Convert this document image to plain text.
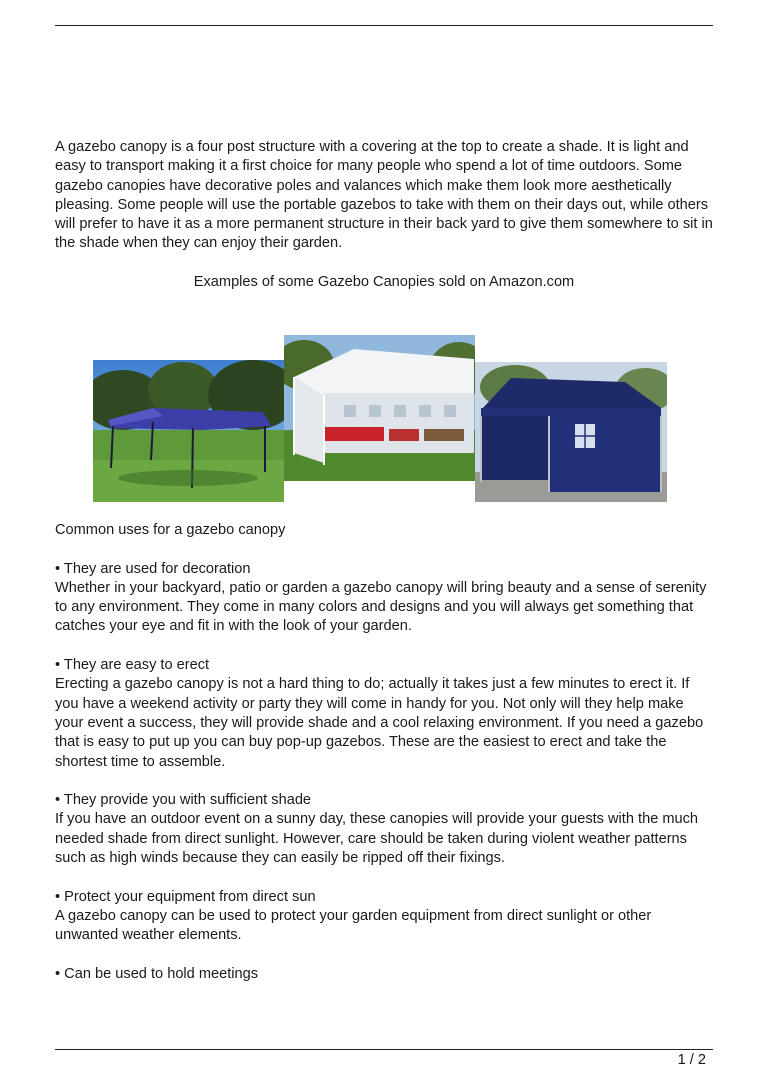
A gazebo canopy is a four post structure with a covering at the top to create a shade. It is light and easy to transport making it a first choice for many people who spend a lot of time outdoors. Some gazebo canopies have decorative poles and valances which make them look more aesthetically pleasing. Some people will use the portable gazebos to take with them on their days out, while others will prefer to have it as a more permanent structure in their back yard to give them somewhere to sit in the shade when they can enjoy their garden.

Examples of some Gazebo Canopies sold on Amazon.com

Common uses for a gazebo canopy

• They are used for decoration

Whether in your backyard, patio or garden a gazebo canopy will bring beauty and a sense of serenity to any environment. They come in many colors and designs and you will always get something that catches your eye and fit in with the look of your garden.

• They are easy to erect

Erecting a gazebo canopy is not a hard thing to do; actually it takes just a few minutes to erect it. If you have a weekend activity or party they will come in handy for you. Not only will they help make your event a success, they will provide shade and a cool relaxing environment. If you need a gazebo that is easy to put up you can buy pop-up gazebos. These are the easiest to erect and take the shortest time to assemble.

• They provide you with sufficient shade

If you have an outdoor event on a sunny day, these canopies will provide your guests with the much needed shade from direct sunlight. However, care should be taken during violent weather patterns such as high winds because they can easily be ripped off their fixings.

• Protect your equipment from direct sun

A gazebo canopy can be used to protect your garden equipment from direct sunlight or other unwanted weather elements.

• Can be used to hold meetings

1 / 2
